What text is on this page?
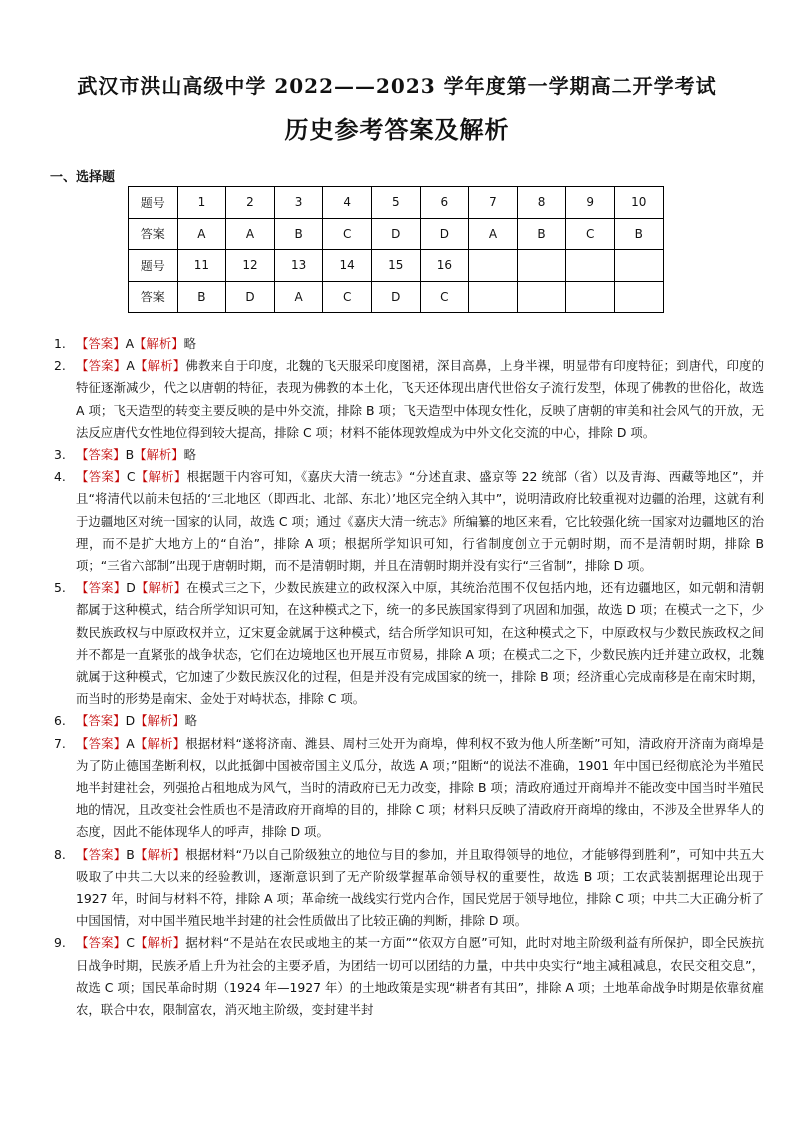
武汉市洪山高级中学 2022——2023 学年度第一学期高二开学考试
历史参考答案及解析
一、选择题
题号	1	2	3	4	5	6	7	8	9	10
答案	A	A	B	C	D	D	A	B	C	B
题号	11	12	13	14	15	16				
答案	B	D	A	C	D	C				
1. 【答案】A【解析】略
2. 【答案】A【解析】佛教来自于印度，北魏的飞天服采印度图裙，深目高鼻，上身半裸，明显带有印度特征；到唐代，印度的特征逐渐减少，代之以唐朝的特征，表现为佛教的本土化，飞天还体现出唐代世俗女子流行发型，体现了佛教的世俗化，故选 A 项；飞天造型的转变主要反映的是中外交流，排除 B 项；飞天造型中体现女性化，反映了唐朝的审美和社会风气的开放，无法反应唐代女性地位得到较大提高，排除 C 项；材料不能体现敦煌成为中外文化交流的中心，排除 D 项。
3. 【答案】B【解析】略
4. 【答案】C【解析】根据题干内容可知，《嘉庆大清一统志》“分述直隶、盛京等 22 统部（省）以及青海、西藏等地区”，并且“将清代以前未包括的‘三北地区（即西北、北部、东北）’地区完全纳入其中”，说明清政府比较重视对边疆的治理，这就有利于边疆地区对统一国家的认同，故选 C 项；通过《嘉庆大清一统志》所编纂的地区来看，它比较强化统一国家对边疆地区的治理，而不是扩大地方上的“自治”，排除 A 项；根据所学知识可知，行省制度创立于元朝时期，而不是清朝时期，排除 B 项；“三省六部制”出现于唐朝时期，而不是清朝时期，并且在清朝时期并没有实行“三省制”，排除 D 项。
5. 【答案】D【解析】在模式三之下，少数民族建立的政权深入中原，其统治范围不仅包括内地，还有边疆地区，如元朝和清朝都属于这种模式，结合所学知识可知，在这种模式之下，统一的多民族国家得到了巩固和加强，故选 D 项；在模式一之下，少数民族政权与中原政权并立，辽宋夏金就属于这种模式，结合所学知识可知，在这种模式之下，中原政权与少数民族政权之间并不都是一直紧张的战争状态，它们在边境地区也开展互市贸易，排除 A 项；在模式二之下，少数民族内迁并建立政权，北魏就属于这种模式，它加速了少数民族汉化的过程，但是并没有完成国家的统一，排除 B 项；经济重心完成南移是在南宋时期，而当时的形势是南宋、金处于对峙状态，排除 C 项。
6. 【答案】D【解析】略
7. 【答案】A【解析】根据材料“遂将济南、潍县、周村三处开为商埠，俾利权不致为他人所垄断”可知，清政府开济南为商埠是为了防止德国垄断利权，以此抵御中国被帝国主义瓜分，故选 A 项；”阻断“的说法不准确，1901 年中国已经彻底沦为半殖民地半封建社会，列强抢占租地成为风气，当时的清政府已无力改变，排除 B 项；清政府通过开商埠并不能改变中国当时半殖民地的情况，且改变社会性质也不是清政府开商埠的目的，排除 C 项；材料只反映了清政府开商埠的缘由，不涉及全世界华人的态度，因此不能体现华人的呼声，排除 D 项。
8. 【答案】B【解析】根据材料“乃以自己阶级独立的地位与目的参加，并且取得领导的地位，才能够得到胜利”，可知中共五大吸取了中共二大以来的经验教训，逐渐意识到了无产阶级掌握革命领导权的重要性，故选 B 项；工农武装割据理论出现于 1927 年，时间与材料不符，排除 A 项；革命统一战线实行党内合作，国民党居于领导地位，排除 C 项；中共二大正确分析了中国国情，对中国半殖民地半封建的社会性质做出了比较正确的判断，排除 D 项。
9. 【答案】C【解析】据材料“不是站在农民或地主的某一方面”“依双方自愿”可知，此时对地主阶级利益有所保护，即全民族抗日战争时期，民族矛盾上升为社会的主要矛盾，为团结一切可以团结的力量，中共中央实行“地主减租减息，农民交租交息”，故选 C 项；国民革命时期（1924 年—1927 年）的土地政策是实现“耕者有其田”，排除 A 项；土地革命战争时期是依靠贫雇农，联合中农，限制富农，消灭地主阶级，变封建半封
